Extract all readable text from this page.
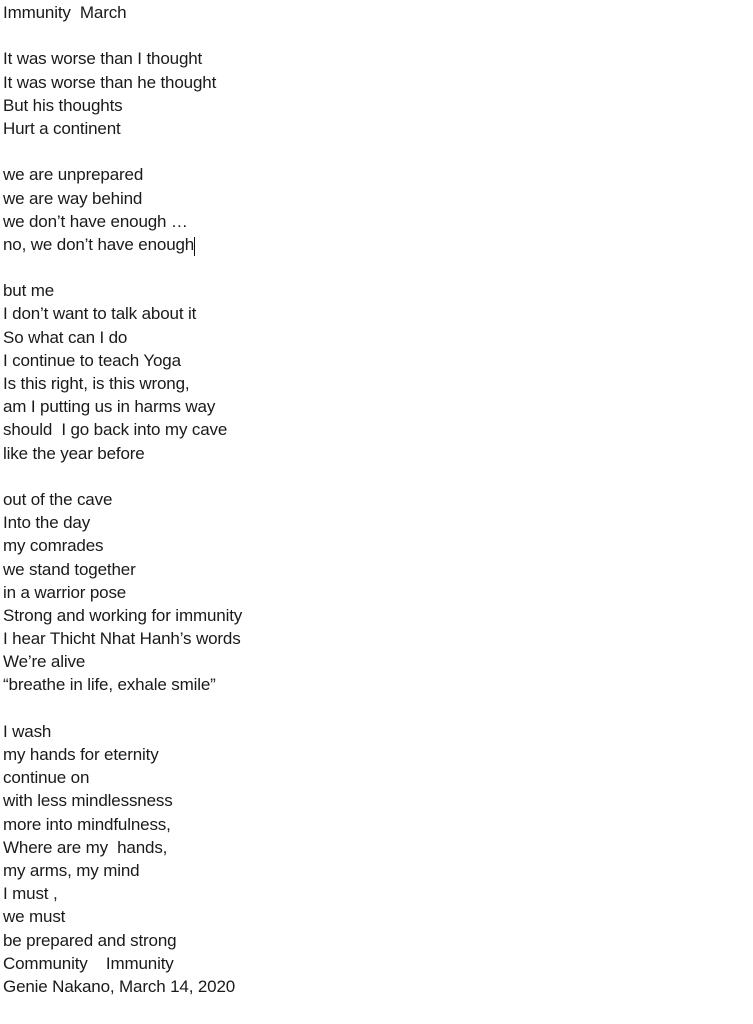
Immunity  March

It was worse than I thought
It was worse than he thought
But his thoughts
Hurt a continent

we are unprepared
we are way behind
we don’t have enough …
no, we don’t have enough

but me
I don’t want to talk about it
So what can I do
I continue to teach Yoga
Is this right, is this wrong,
am I putting us in harms way
should  I go back into my cave
like the year before

out of the cave
Into the day
my comrades
we stand together
in a warrior pose
Strong and working for immunity
I hear Thicht Nhat Hanh’s words
We’re alive
“breathe in life, exhale smile”

I wash
my hands for eternity
continue on
with less mindlessness
more into mindfulness,
Where are my  hands,
my arms, my mind
I must ,
we must
be prepared and strong
Community    Immunity
Genie Nakano, March 14, 2020
